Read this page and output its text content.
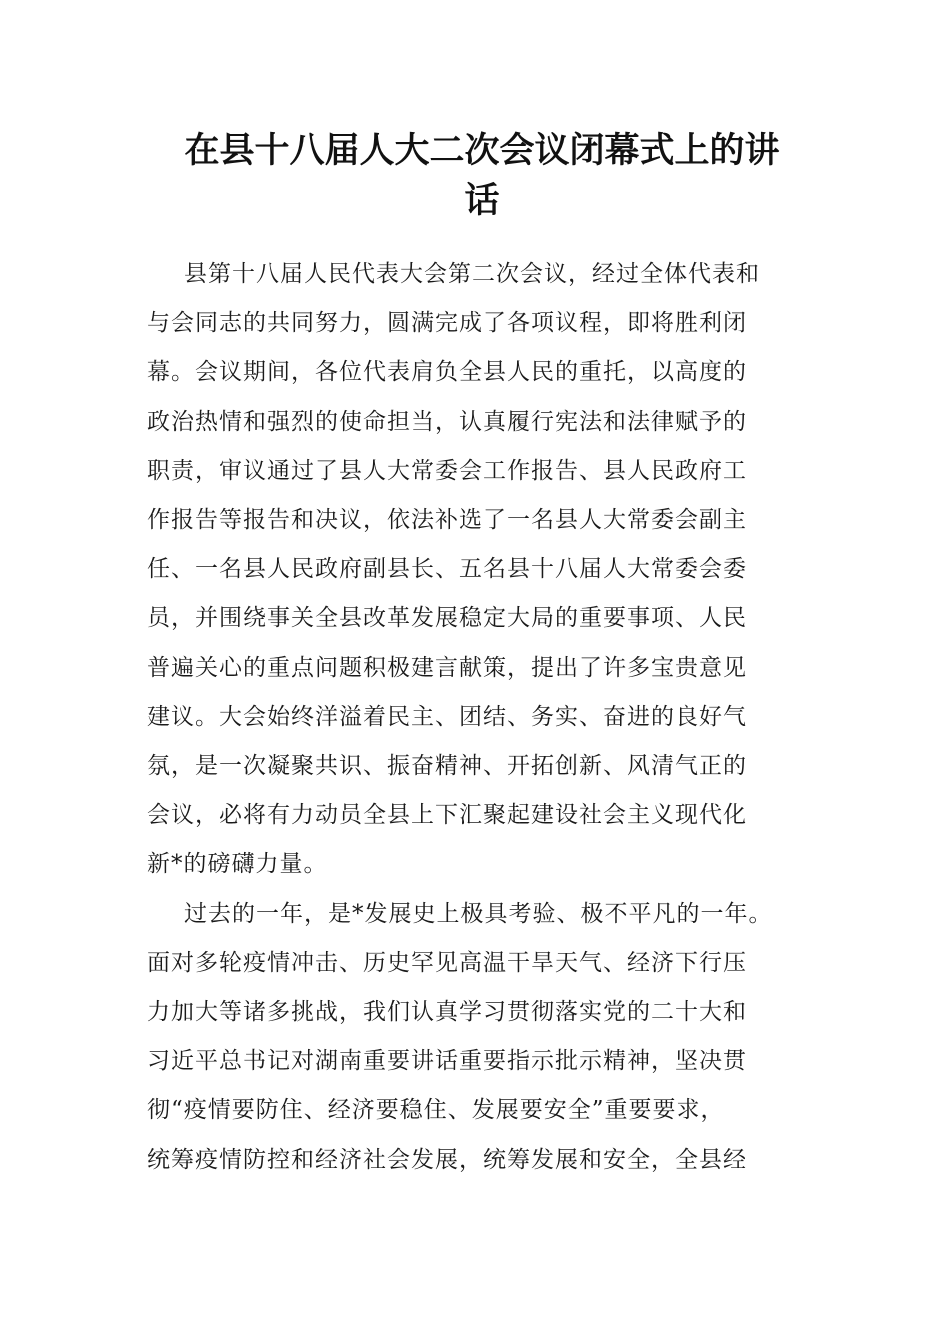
在县十八届人大二次会议闭幕式上的讲
话
县第十八届人民代表大会第二次会议，经过全体代表和
与会同志的共同努力，圆满完成了各项议程，即将胜利闭
幕。会议期间，各位代表肩负全县人民的重托，以高度的
政治热情和强烈的使命担当，认真履行宪法和法律赋予的
职责，审议通过了县人大常委会工作报告、县人民政府工
作报告等报告和决议，依法补选了一名县人大常委会副主
任、一名县人民政府副县长、五名县十八届人大常委会委
员，并围绕事关全县改革发展稳定大局的重要事项、人民
普遍关心的重点问题积极建言献策，提出了许多宝贵意见
建议。大会始终洋溢着民主、团结、务实、奋进的良好气
氛，是一次凝聚共识、振奋精神、开拓创新、风清气正的
会议，必将有力动员全县上下汇聚起建设社会主义现代化
新*的磅礴力量。
过去的一年，是*发展史上极具考验、极不平凡的一年。
面对多轮疫情冲击、历史罕见高温干旱天气、经济下行压
力加大等诸多挑战，我们认真学习贯彻落实党的二十大和
习近平总书记对湖南重要讲话重要指示批示精神，坚决贯
彻“疫情要防住、经济要稳住、发展要安全”重要要求，
统筹疫情防控和经济社会发展，统筹发展和安全，全县经
